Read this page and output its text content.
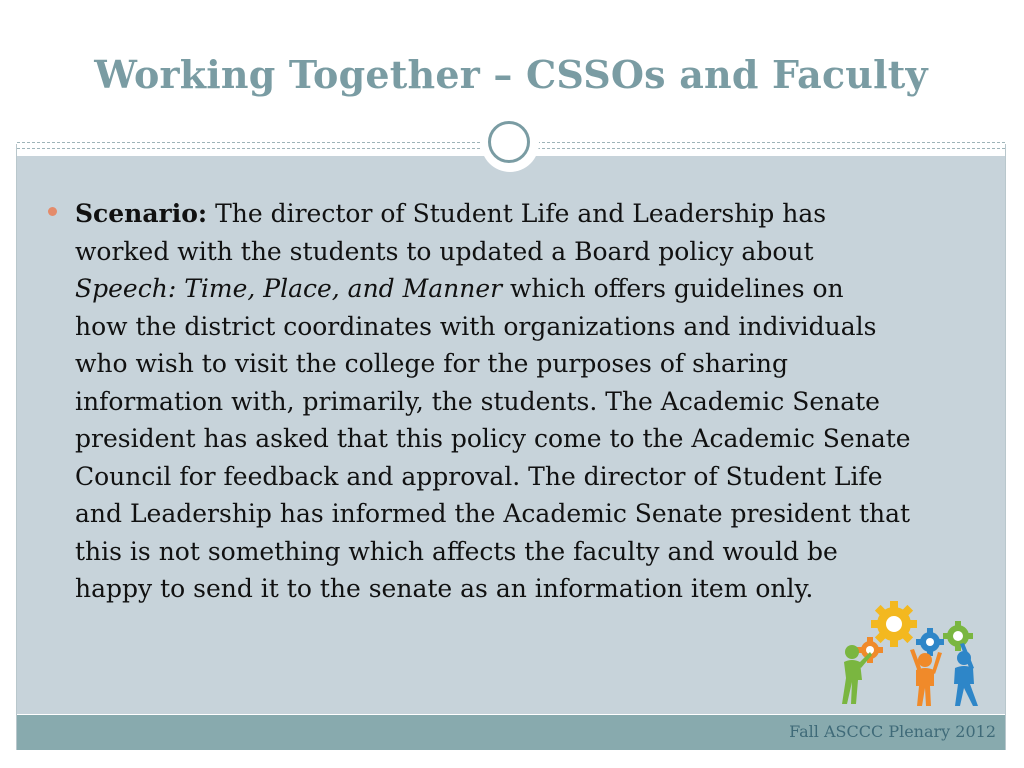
Working Together – CSSOs and Faculty
Scenario: The director of Student Life and Leadership has
worked with the students to updated a Board policy about
Speech: Time, Place, and Manner which offers guidelines on
how the district coordinates with organizations and individuals
who wish to visit the college for the purposes of sharing
information with, primarily, the students. The Academic Senate
president has asked that this policy come to the Academic Senate
Council for feedback and approval. The director of Student Life
and Leadership has informed the Academic Senate president that
this is not something which affects the faculty and would be
happy to send it to the senate as an information item only.
Fall ASCCC Plenary 2012
